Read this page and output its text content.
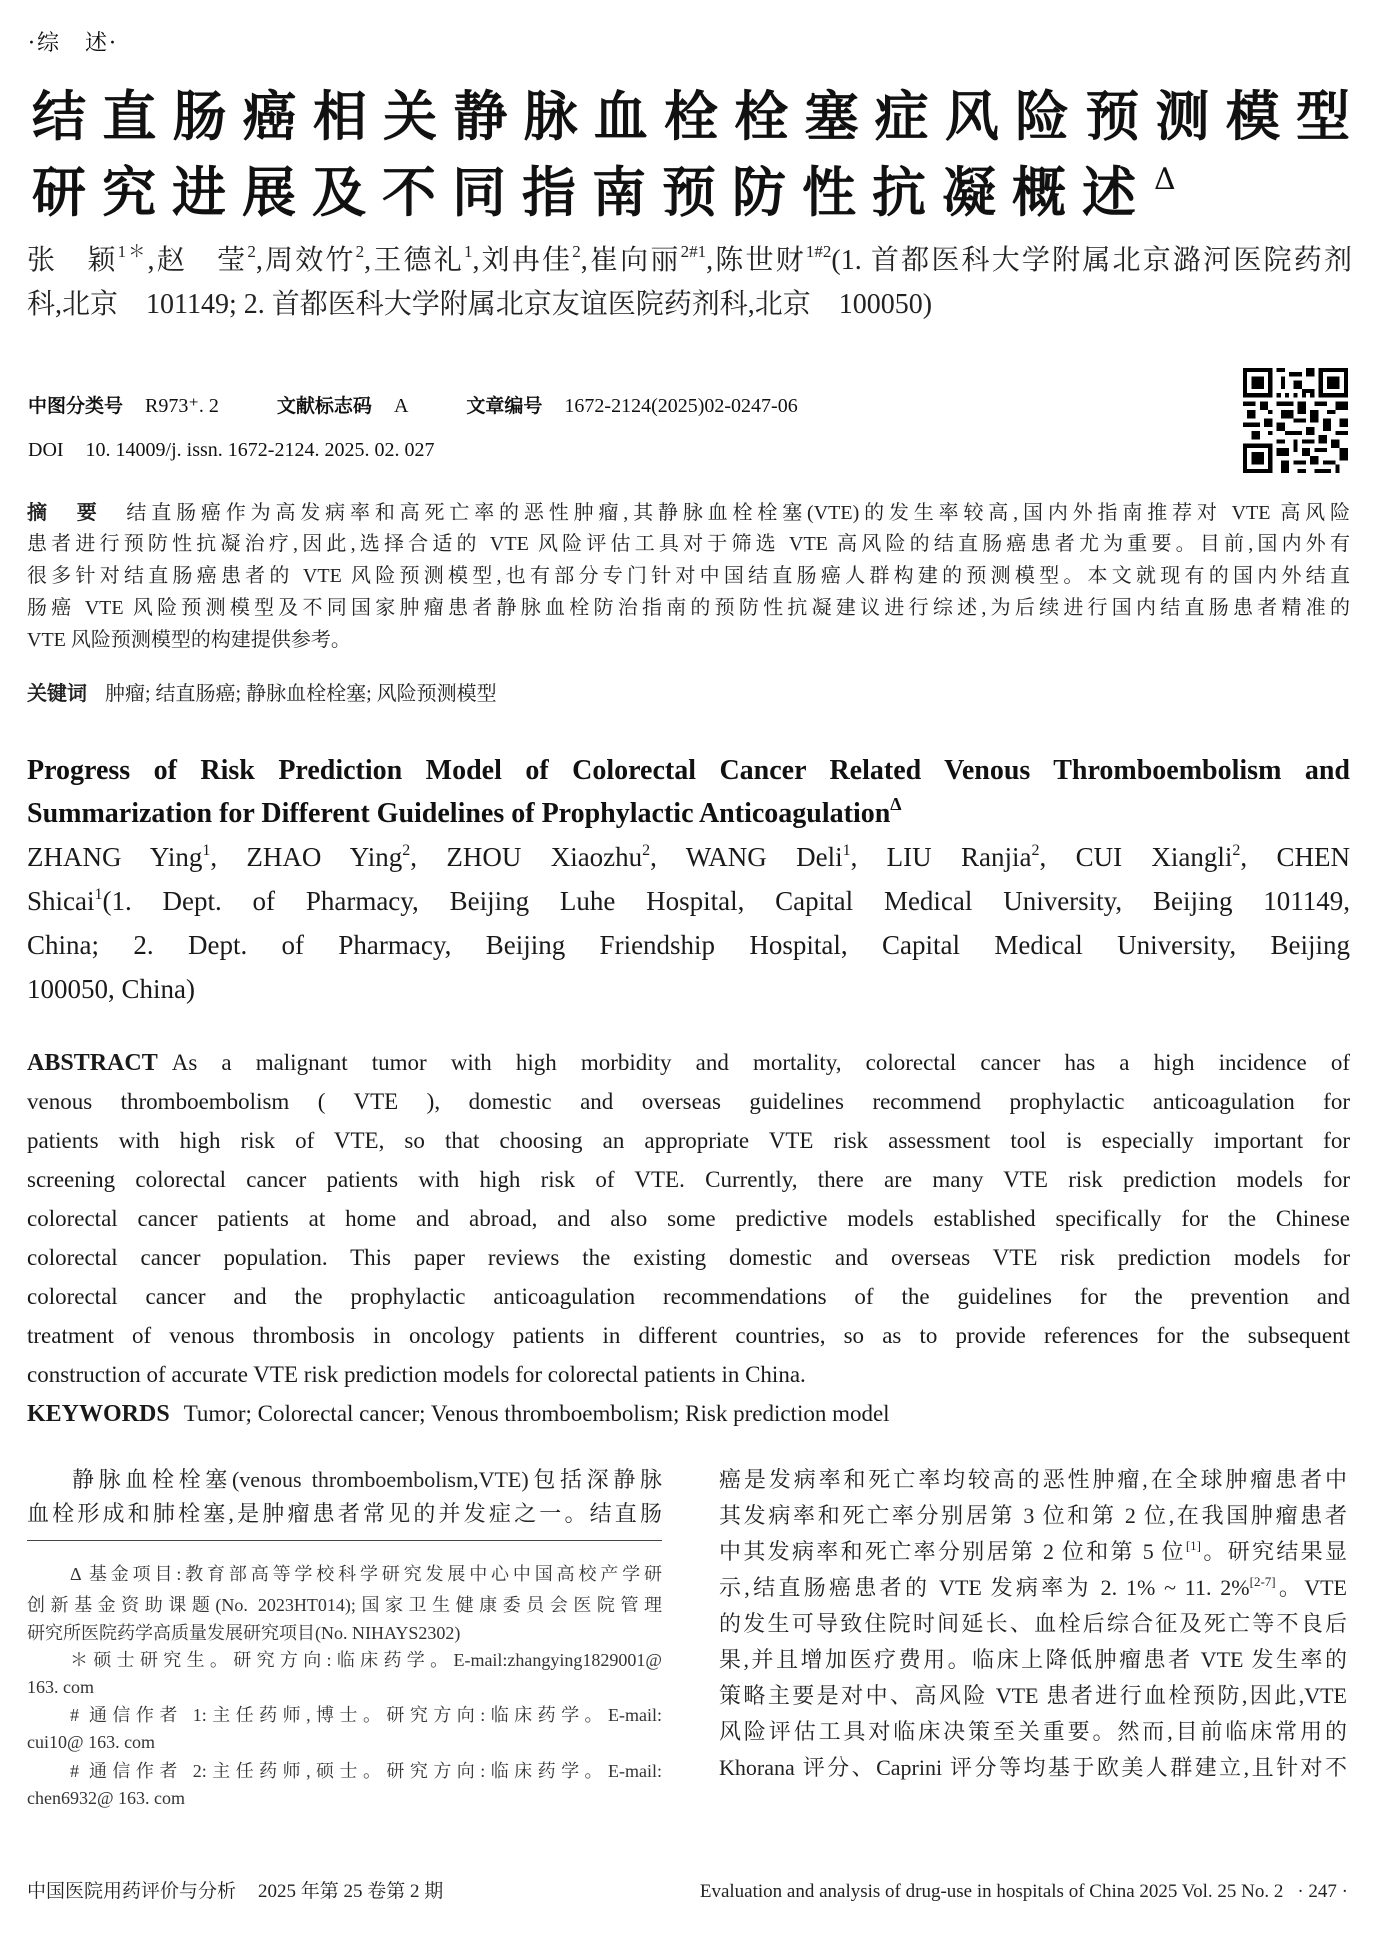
·综　述·
结直肠癌相关静脉血栓栓塞症风险预测模型
研究进展及不同指南预防性抗凝概述$^\Delta$
张　颖$^{1*}$,赵　莹$^2$,周效竹$^2$,王德礼$^1$,刘冉佳$^2$,崔向丽$^{2\#1}$,陈世财$^{1\#2}$(1. 首都医科大学附属北京潞河医院药剂
科,北京　101149; 2. 首都医科大学附属北京友谊医院药剂科,北京　100050)
中图分类号 R973⁺. 2	文献标志码 A	文章编号 1672-2124(2025)02-0247-06
DOI 10. 14009/j. issn. 1672-2124. 2025. 02. 027
摘　要 结直肠癌作为高发病率和高死亡率的恶性肿瘤,其静脉血栓栓塞(VTE)的发生率较高,国内外指南推荐对 VTE 高风险
患者进行预防性抗凝治疗,因此,选择合适的 VTE 风险评估工具对于筛选 VTE 高风险的结直肠癌患者尤为重要。目前,国内外有
很多针对结直肠癌患者的 VTE 风险预测模型,也有部分专门针对中国结直肠癌人群构建的预测模型。本文就现有的国内外结直
肠癌 VTE 风险预测模型及不同国家肿瘤患者静脉血栓防治指南的预防性抗凝建议进行综述,为后续进行国内结直肠患者精准的
VTE 风险预测模型的构建提供参考。
关键词 肿瘤; 结直肠癌; 静脉血栓栓塞; 风险预测模型
Progress of Risk Prediction Model of Colorectal Cancer Related Venous Thromboembolism and
Summarization for Different Guidelines of Prophylactic Anticoagulation$^\Delta$
ZHANG Ying$^1$, ZHAO Ying$^2$, ZHOU Xiaozhu$^2$, WANG Deli$^1$, LIU Ranjia$^2$, CUI Xiangli$^2$, CHEN
Shicai$^1$(1. Dept. of Pharmacy, Beijing Luhe Hospital, Capital Medical University, Beijing 101149,
China; 2. Dept. of Pharmacy, Beijing Friendship Hospital, Capital Medical University, Beijing
100050, China)
ABSTRACT As a malignant tumor with high morbidity and mortality, colorectal cancer has a high incidence of
venous thromboembolism ( VTE ), domestic and overseas guidelines recommend prophylactic anticoagulation for
patients with high risk of VTE, so that choosing an appropriate VTE risk assessment tool is especially important for
screening colorectal cancer patients with high risk of VTE. Currently, there are many VTE risk prediction models for
colorectal cancer patients at home and abroad, and also some predictive models established specifically for the Chinese
colorectal cancer population. This paper reviews the existing domestic and overseas VTE risk prediction models for
colorectal cancer and the prophylactic anticoagulation recommendations of the guidelines for the prevention and
treatment of venous thrombosis in oncology patients in different countries, so as to provide references for the subsequent
construction of accurate VTE risk prediction models for colorectal patients in China.
KEYWORDS Tumor; Colorectal cancer; Venous thromboembolism; Risk prediction model
静脉血栓栓塞(venous thromboembolism,VTE)包括深静脉
血栓形成和肺栓塞,是肿瘤患者常见的并发症之一。结直肠
Δ 基金项目:教育部高等学校科学研究发展中心中国高校产学研
创新基金资助课题(No. 2023HT014);国家卫生健康委员会医院管理
研究所医院药学高质量发展研究项目(No. NIHAYS2302)
＊硕士研究生。研究方向:临床药学。E-mail:zhangying1829001@
163. com
# 通信作者 1:主任药师,博士。研究方向:临床药学。E-mail:
cui10@ 163. com
# 通信作者 2:主任药师,硕士。研究方向:临床药学。E-mail:
chen6932@ 163. com
癌是发病率和死亡率均较高的恶性肿瘤,在全球肿瘤患者中
其发病率和死亡率分别居第 3 位和第 2 位,在我国肿瘤患者
中其发病率和死亡率分别居第 2 位和第 5 位[1]。研究结果显
示,结直肠癌患者的 VTE 发病率为 2. 1% ~ 11. 2%[2-7]。VTE
的发生可导致住院时间延长、血栓后综合征及死亡等不良后
果,并且增加医疗费用。临床上降低肿瘤患者 VTE 发生率的
策略主要是对中、高风险 VTE 患者进行血栓预防,因此,VTE
风险评估工具对临床决策至关重要。然而,目前临床常用的
Khorana 评分、Caprini 评分等均基于欧美人群建立,且针对不
中国医院用药评价与分析 2025 年第 25 卷第 2 期	Evaluation and analysis of drug-use in hospitals of China 2025 Vol. 25 No. 2 · 247 ·
